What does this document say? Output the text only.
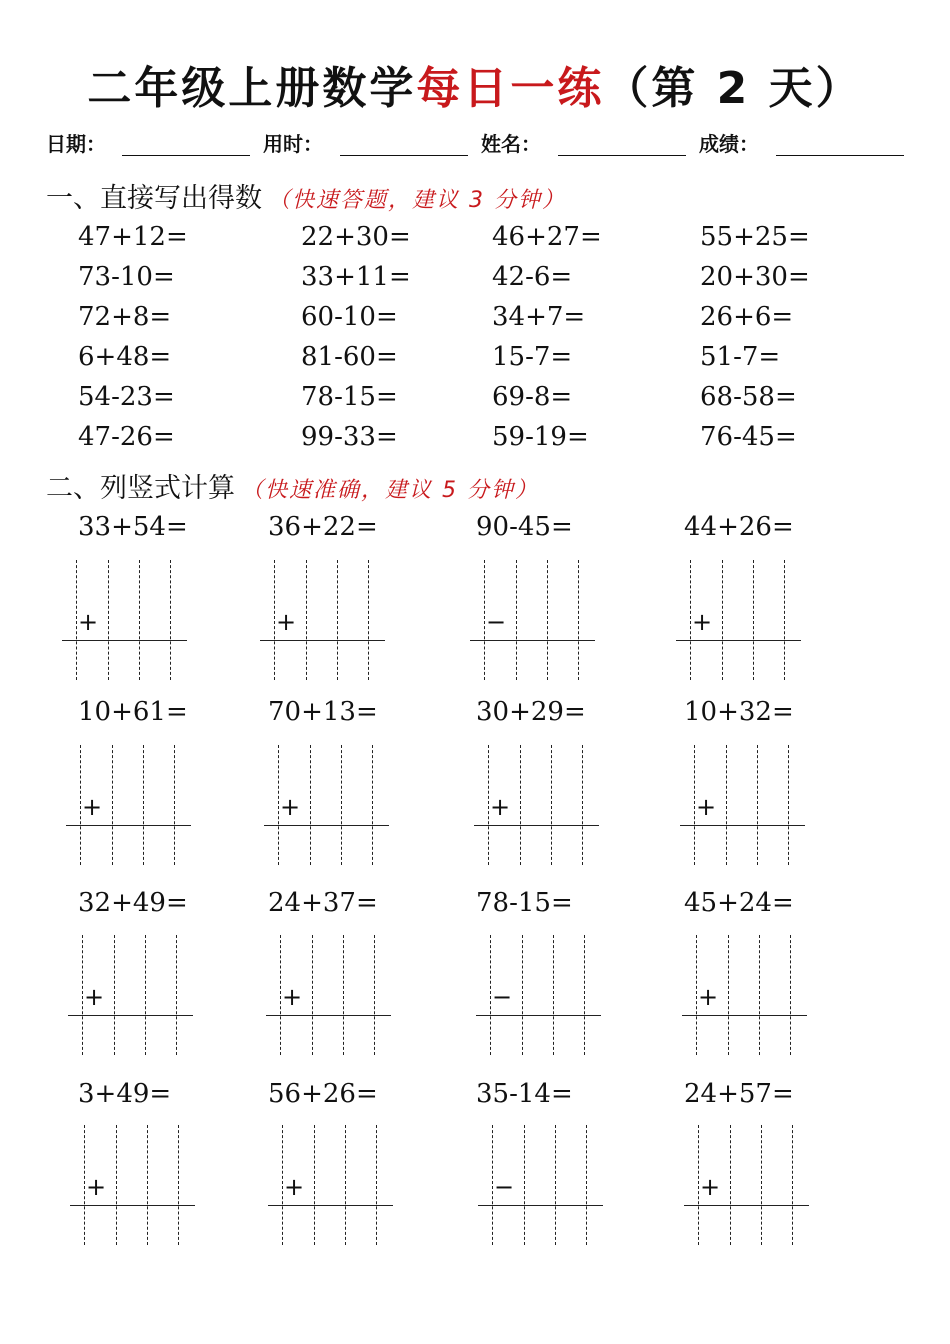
二年级上册数学每日一练（第 2 天）
日期：	用时：	姓名：	成绩：
一、直接写出得数 （快速答题，建议 3 分钟）
47+12=	22+30=	46+27=	55+25=
73-10=	33+11=	42-6=	20+30=
72+8=	60-10=	34+7=	26+6=
6+48=	81-60=	15-7=	51-7=
54-23=	78-15=	69-8=	68-58=
47-26=	99-33=	59-19=	76-45=
二、列竖式计算 （快速准确，建议 5 分钟）
33+54=
+
36+22=
+
90-45=
−
44+26=
+
10+61=
+
70+13=
+
30+29=
+
10+32=
+
32+49=
+
24+37=
+
78-15=
−
45+24=
+
3+49=
+
56+26=
+
35-14=
−
24+57=
+
